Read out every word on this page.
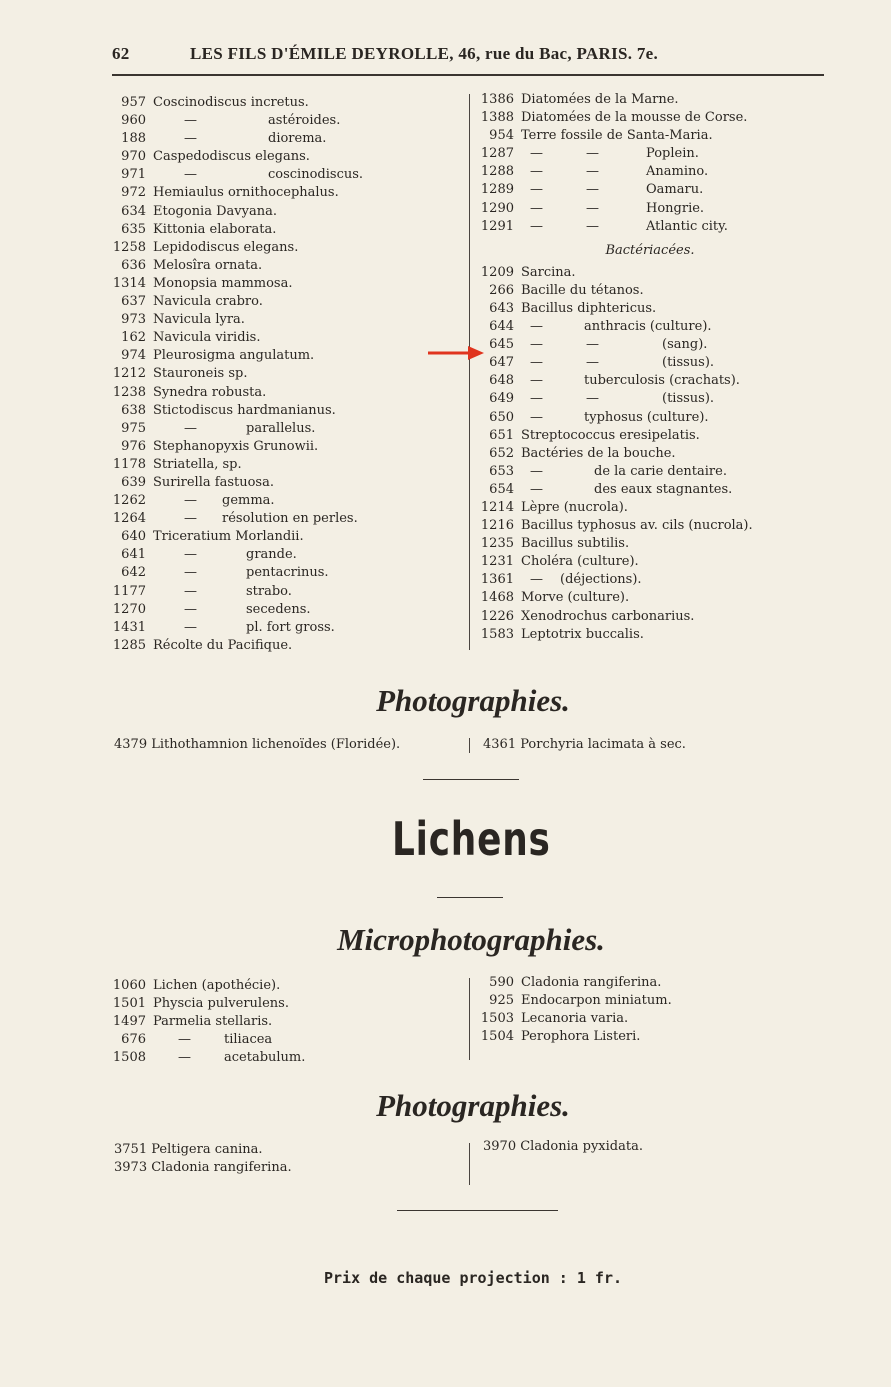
62	LES FILS D'ÉMILE DEYROLLE, 46, rue du Bac, PARIS. 7e.
957 Coscinodiscus incretus.
960	—	astéroides.
188	—	diorema.
970 Caspedodiscus elegans.
971	—	coscinodiscus.
972 Hemiaulus ornithocephalus.
634 Etogonia Davyana.
635 Kittonia elaborata.
1258 Lepidodiscus elegans.
636 Melosîra ornata.
1314 Monopsia mammosa.
637 Navicula crabro.
973 Navicula lyra.
162 Navicula viridis.
974 Pleurosigma angulatum.
1212 Stauroneis sp.
1238 Synedra robusta.
638 Stictodiscus hardmanianus.
975	—	parallelus.
976 Stephanopyxis Grunowii.
1178 Striatella, sp.
639 Surirella fastuosa.
1262	— gemma.
1264	— résolution en perles.
640 Triceratium Morlandii.
641	—	grande.
642	—	pentacrinus.
1177	—	strabo.
1270	—	secedens.
1431	—	pl. fort gross.
1285 Récolte du Pacifique.
1386 Diatomées de la Marne.
1388 Diatomées de la mousse de Corse.
954 Terre fossile de Santa-Maria.
1287 —	—	Poplein.
1288 —	—	Anamino.
1289 —	—	Oamaru.
1290 —	—	Hongrie.
1291 —	—	Atlantic city.
Bactériacées.
1209 Sarcina.
266 Bacille du tétanos.
643 Bacillus diphtericus.
644 —	anthracis (culture).
645 —	—	(sang).
647 —	—	(tissus).
648 —	tuberculosis (crachats).
649 —	—	(tissus).
650 —	typhosus (culture).
651 Streptococcus eresipelatis.
652 Bactéries de la bouche.
653 —	de la carie dentaire.
654 —	des eaux stagnantes.
1214 Lèpre (nucrola).
1216 Bacillus typhosus av. cils (nucrola).
1235 Bacillus subtilis.
1231 Choléra (culture).
1361 — (déjections).
1468 Morve (culture).
1226 Xenodrochus carbonarius.
1583 Leptotrix buccalis.
Photographies.
4379 Lithothamnion lichenoïdes (Floridée).	4361 Porchyria lacimata à sec.
Lichens
Microphotographies.
1060 Lichen (apothécie).
1501 Physcia pulverulens.
1497 Parmelia stellaris.
676 —	tiliacea
1508 —	acetabulum.
590 Cladonia rangiferina.
925 Endocarpon miniatum.
1503 Lecanoria varia.
1504 Perophora Listeri.
Photographies.
3751 Peltigera canina.
3973 Cladonia rangiferina.
3970 Cladonia pyxidata.
Prix de chaque projection : 1 fr.
